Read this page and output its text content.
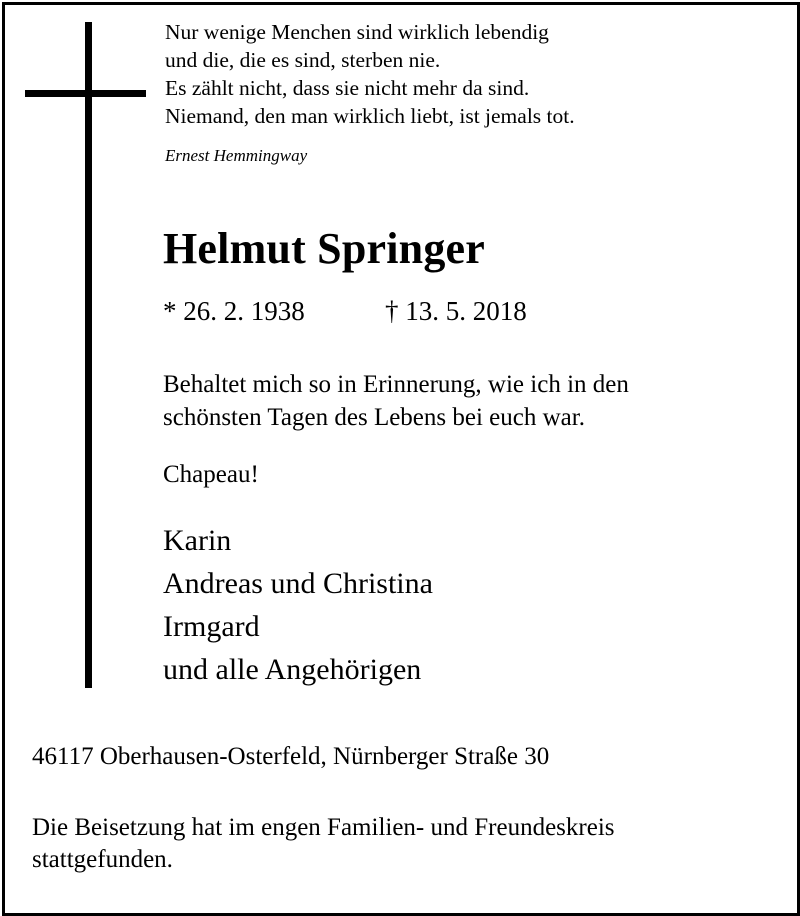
Nur wenige Menchen sind wirklich lebendig
und die, die es sind, sterben nie.
Es zählt nicht, dass sie nicht mehr da sind.
Niemand, den man wirklich liebt, ist jemals tot.
Ernest Hemmingway
Helmut Springer
* 26. 2. 1938	† 13. 5. 2018
Behaltet mich so in Erinnerung, wie ich in den
schönsten Tagen des Lebens bei euch war.
Chapeau!
Karin
Andreas und Christina
Irmgard
und alle Angehörigen
46117 Oberhausen-Osterfeld, Nürnberger Straße 30
Die Beisetzung hat im engen Familien- und Freundeskreis
stattgefunden.
